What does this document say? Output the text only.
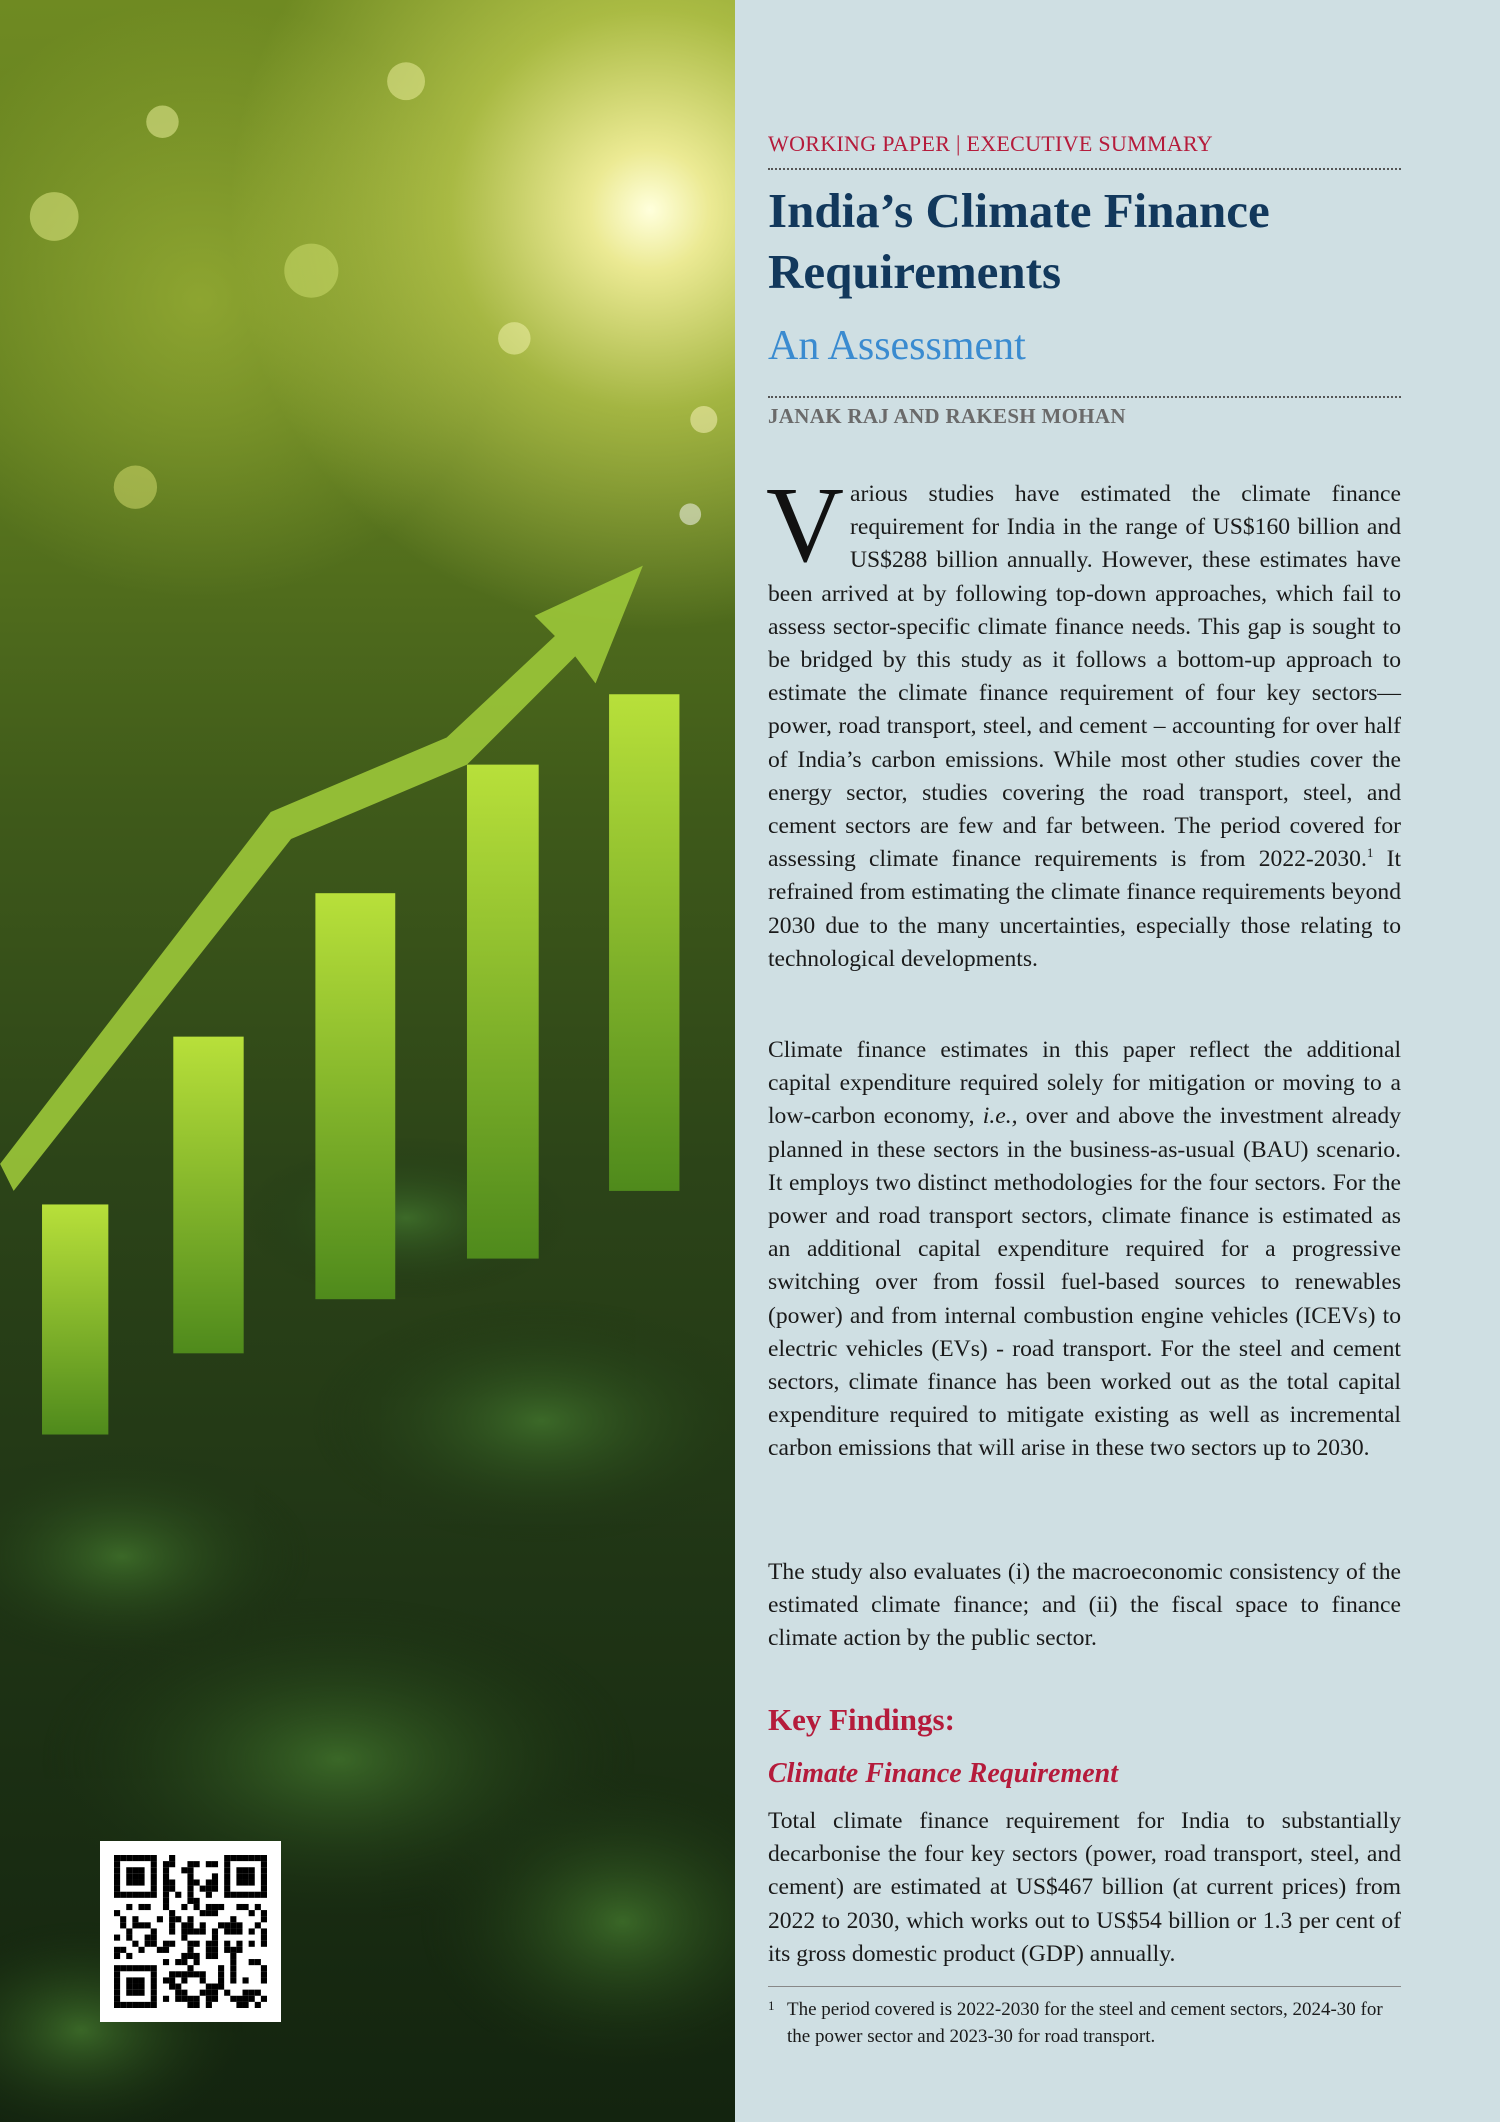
WORKING PAPER | EXECUTIVE SUMMARY
India’s Climate Finance Requirements
An Assessment
JANAK RAJ AND RAKESH MOHAN

Various studies have estimated the climate finance requirement for India in the range of US$160 billion and US$288 billion annually. However, these estimates have been arrived at by following top-down approaches, which fail to assess sector-specific climate finance needs. This gap is sought to be bridged by this study as it follows a bottom-up approach to estimate the climate finance requirement of four key sectors—power, road transport, steel, and cement – accounting for over half of India’s carbon emissions. While most other studies cover the energy sector, studies covering the road transport, steel, and cement sectors are few and far between. The period covered for assessing climate finance requirements is from 2022-2030.$^1$ It refrained from estimating the climate finance requirements beyond 2030 due to the many uncertainties, especially those relating to technological developments.

Climate finance estimates in this paper reflect the additional capital expenditure required solely for mitigation or moving to a low-carbon economy, i.e., over and above the investment already planned in these sectors in the business-as-usual (BAU) scenario. It employs two distinct methodologies for the four sectors. For the power and road transport sectors, climate finance is estimated as an additional capital expenditure required for a progressive switching over from fossil fuel-based sources to renewables (power) and from internal combustion engine vehicles (ICEVs) to electric vehicles (EVs) - road transport. For the steel and cement sectors, climate finance has been worked out as the total capital expenditure required to mitigate existing as well as incremental carbon emissions that will arise in these two sectors up to 2030.

The study also evaluates (i) the macroeconomic consistency of the estimated climate finance; and (ii) the fiscal space to finance climate action by the public sector.

Key Findings:
Climate Finance Requirement

Total climate finance requirement for India to substantially decarbonise the four key sectors (power, road transport, steel, and cement) are estimated at US$467 billion (at current prices) from 2022 to 2030, which works out to US$54 billion or 1.3 per cent of its gross domestic product (GDP) annually.

1 The period covered is 2022-2030 for the steel and cement sectors, 2024-30 for the power sector and 2023-30 for road transport.
